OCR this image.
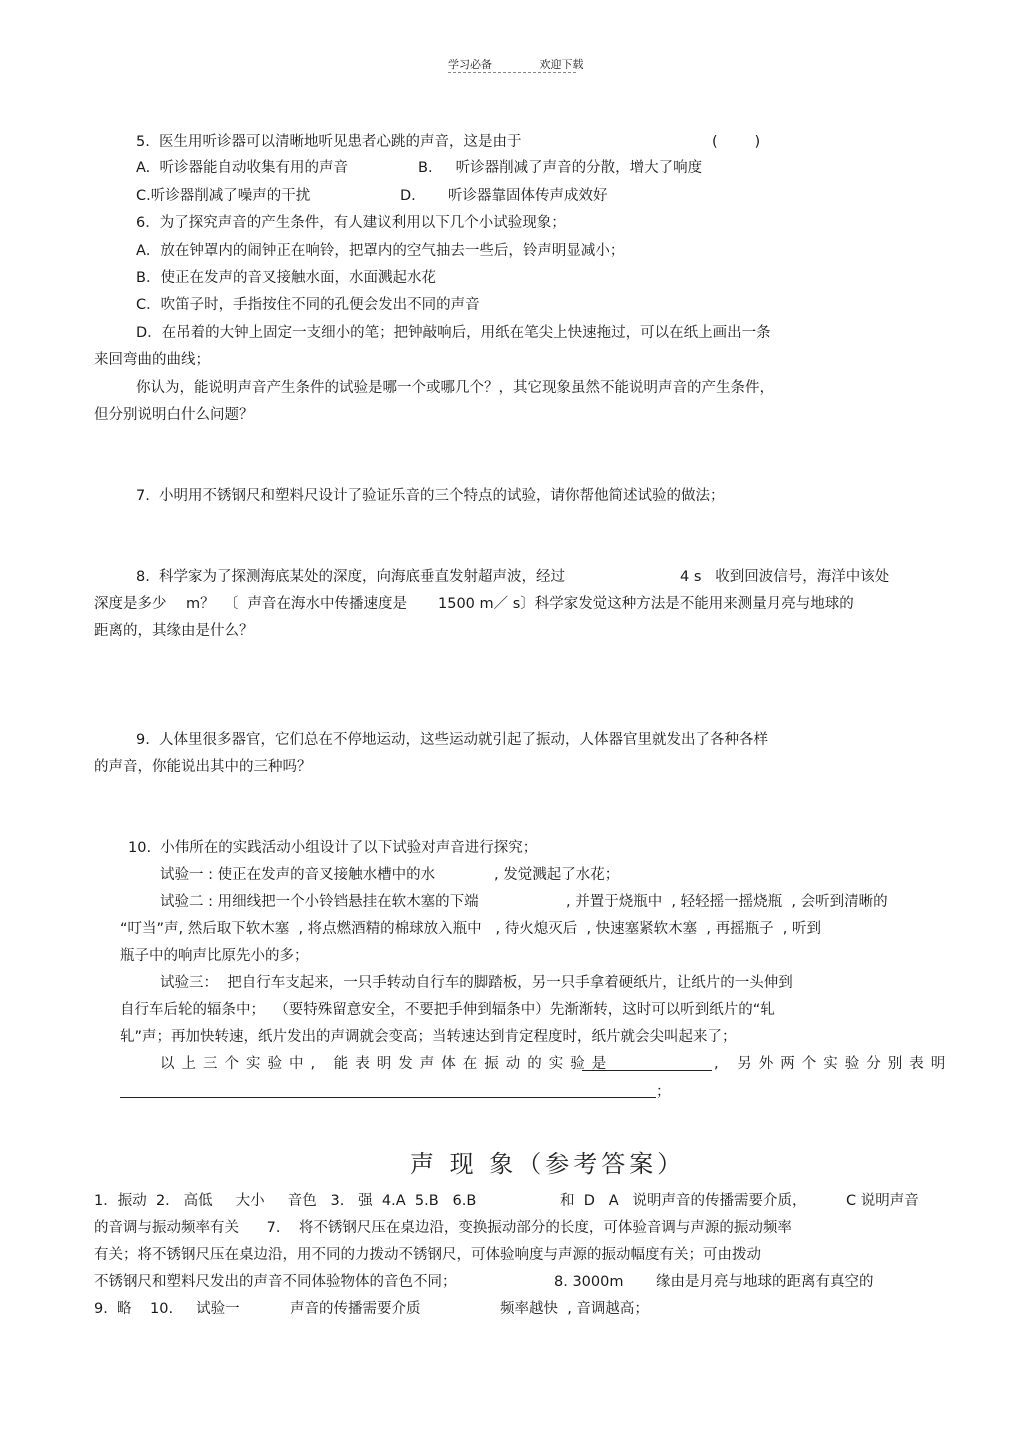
学习必备	欢迎下载
5.  医生用听诊器可以清晰地听见患者心跳的声音，这是由于	(        )
A.  听诊器能自动收集有用的声音	B.     听诊器削减了声音的分散，增大了响度
C.听诊器削减了噪声的干扰	D.       听诊器靠固体传声成效好
6．为了探究声音的产生条件，有人建议利用以下几个小试验现象；
A．放在钟罩内的闹钟正在响铃，把罩内的空气抽去一些后，铃声明显减小；
B．使正在发声的音叉接触水面，水面溅起水花
C．吹笛子时，手指按住不同的孔便会发出不同的声音
D．在吊着的大钟上固定一支细小的笔；把钟敲响后，用纸在笔尖上快速拖过，可以在纸上画出一条
来回弯曲的曲线；
你认为，能说明声音产生条件的试验是哪一个或哪几个？，其它现象虽然不能说明声音的产生条件，
但分别说明白什么问题？
7.  小明用不锈钢尺和塑料尺设计了验证乐音的三个特点的试验，请你帮他简述试验的做法；
8.  科学家为了探测海底某处的深度，向海底垂直发射超声波，经过	4 s   收到回波信号，海洋中该处
深度是多少 m？  〔  声音在海水中传播速度是 1500 m／ s〕科学家发觉这种方法是不能用来测量月亮与地球的
距离的，其缘由是什么？
9.  人体里很多器官，它们总在不停地运动，这些运动就引起了振动，人体器官里就发出了各种各样
的声音，你能说出其中的三种吗？
10.  小伟所在的实践活动小组设计了以下试验对声音进行探究；
试验一 : 使正在发声的音叉接触水槽中的水	, 发觉溅起了水花；
试验二 : 用细线把一个小铃铛悬挂在软木塞的下端	, 并置于烧瓶中  , 轻轻摇一摇烧瓶  , 会听到清晰的
“叮当”声, 然后取下软木塞  , 将点燃酒精的棉球放入瓶中   , 待火熄灭后  , 快速塞紧软木塞  , 再摇瓶子  , 听到
瓶子中的响声比原先小的多；
试验三：  把自行车支起来，一只手转动自行车的脚踏板，另一只手拿着硬纸片，让纸片的一头伸到
自行车后轮的辐条中；  （要特殊留意安全，不要把手伸到辐条中）先渐渐转，这时可以听到纸片的“轧
轧”声；再加快转速，纸片发出的声调就会变高；当转速达到肯定程度时，纸片就会尖叫起来了；
以上三个实验中, 能表明发声体在振动的实验是	, 另外两个实验分别表明
；
声 现 象（参考答案）
1．振动  2.   高低     大小     音色   3.   强  4.A  5.B   6.B	和  D   A   说明声音的传播需要介质，	C 说明声音
的音调与振动频率有关      7.    将不锈钢尺压在桌边沿，变换振动部分的长度，可体验音调与声源的振动频率
有关；将不锈钢尺压在桌边沿，用不同的力拨动不锈钢尺，可体验响度与声源的振动幅度有关；可由拨动
不锈钢尺和塑料尺发出的声音不同体验物体的音色不同；	8. 3000m 缘由是月亮与地球的距离有真空的
9.  略    10.     试验一	声音的传播需要介质	频率越快  , 音调越高；
